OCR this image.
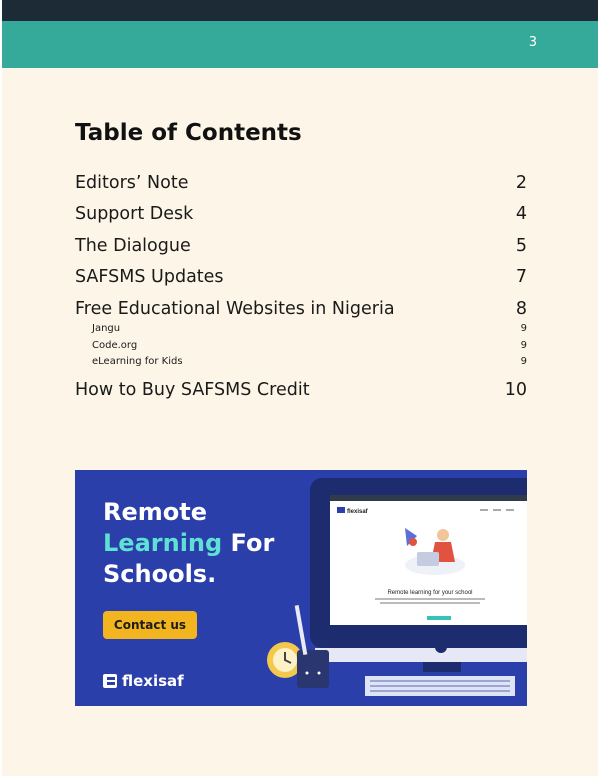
3
Table of Contents
Editors’ Note	2
Support Desk	4
The Dialogue	5
SAFSMS Updates	7
Free Educational Websites in Nigeria	8
Jangu	9
Code.org	9
eLearning for Kids	9
How to Buy SAFSMS Credit	10
Remote
Learning For
Schools.
Contact us
flexisaf
flexisaf
Remote learning for your school
